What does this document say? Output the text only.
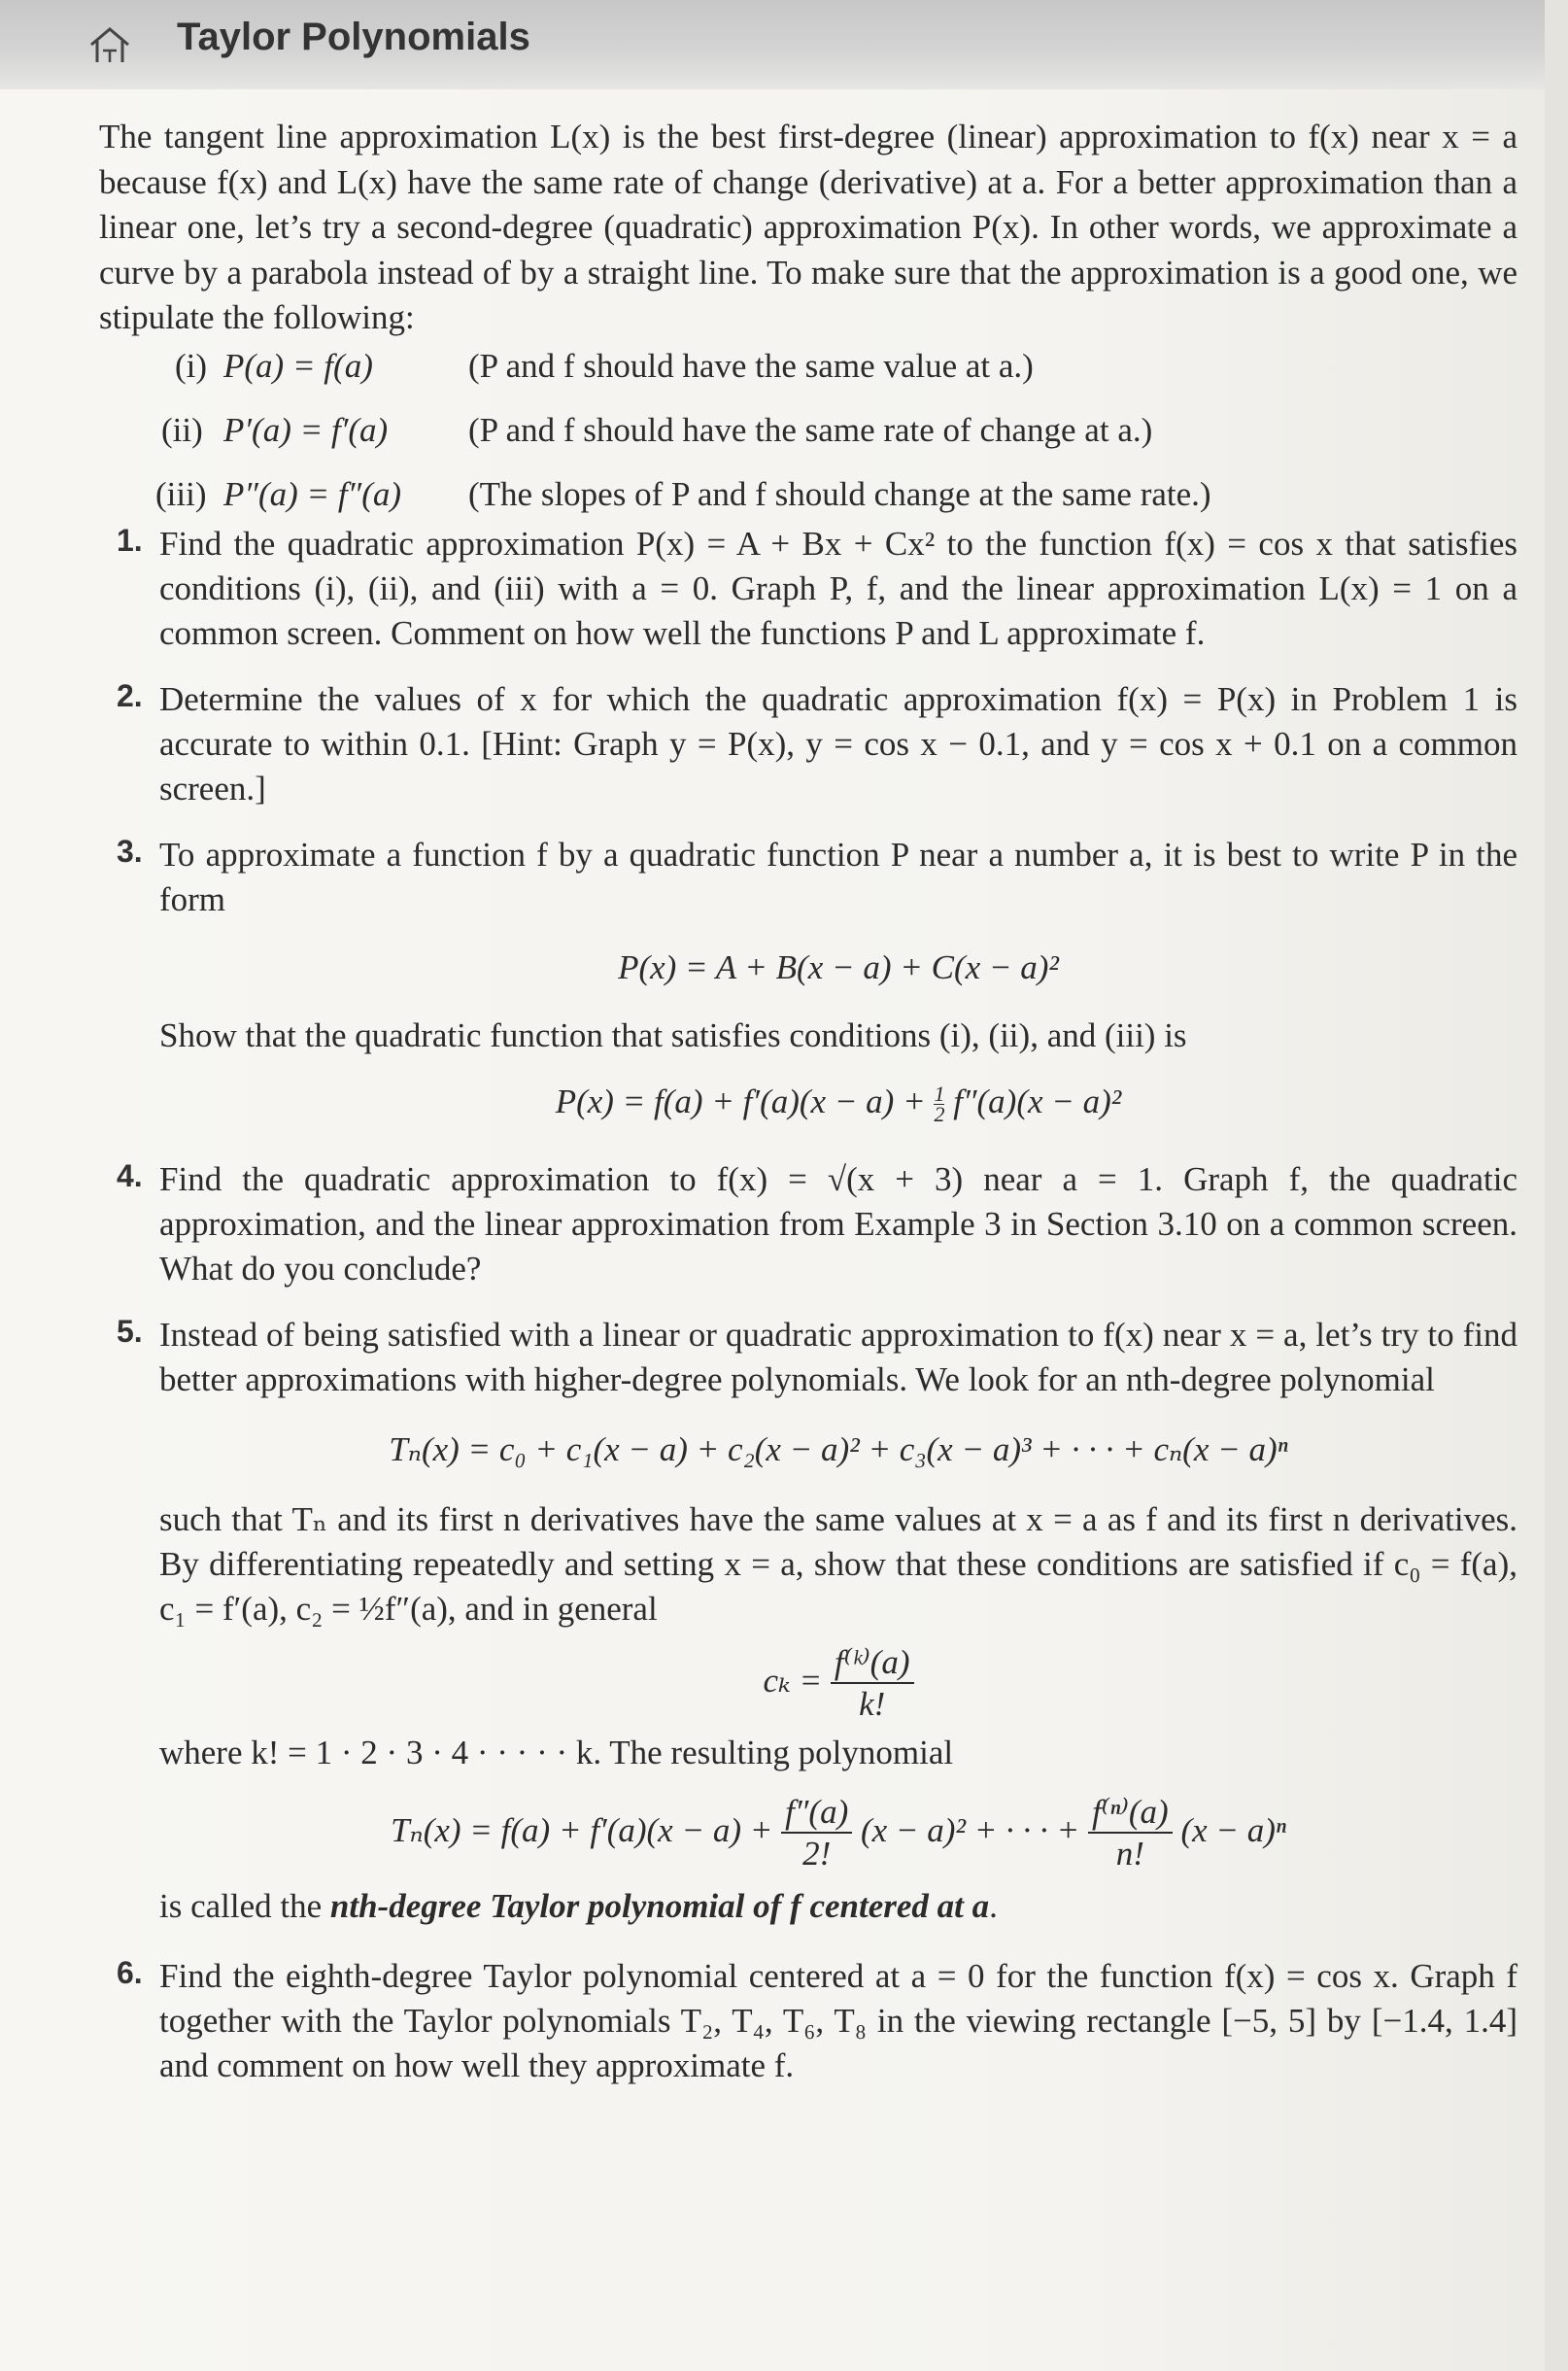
Taylor Polynomials

The tangent line approximation L(x) is the best first-degree (linear) approximation to f(x) near x = a because f(x) and L(x) have the same rate of change (derivative) at a. For a better approximation than a linear one, let’s try a second-degree (quadratic) approximation P(x). In other words, we approximate a curve by a parabola instead of by a straight line. To make sure that the approximation is a good one, we stipulate the following:

(i) P(a) = f(a)	(P and f should have the same value at a.)
(ii) P′(a) = f′(a) (P and f should have the same rate of change at a.)
(iii) P″(a) = f″(a) (The slopes of P and f should change at the same rate.)
1. Find the quadratic approximation P(x) = A + Bx + Cx² to the function f(x) = cos x that satisfies conditions (i), (ii), and (iii) with a = 0. Graph P, f, and the linear approximation L(x) = 1 on a common screen. Comment on how well the functions P and L approximate f.

2. Determine the values of x for which the quadratic approximation f(x) = P(x) in Problem 1 is accurate to within 0.1. [Hint: Graph y = P(x), y = cos x − 0.1, and y = cos x + 0.1 on a common screen.]

3. To approximate a function f by a quadratic function P near a number a, it is best to write P in the form

P(x) = A + B(x − a) + C(x − a)²

Show that the quadratic function that satisfies conditions (i), (ii), and (iii) is

$P(x) = f(a) + f'(a)(x - a) + \frac{1}{2} f''(a)(x - a)^2$
4. Find the quadratic approximation to f(x) = √(x + 3) near a = 1. Graph f, the quadratic approximation, and the linear approximation from Example 3 in Section 3.10 on a common screen. What do you conclude?

5. Instead of being satisfied with a linear or quadratic approximation to f(x) near x = a, let’s try to find better approximations with higher-degree polynomials. We look for an nth-degree polynomial

Tₙ(x) = c₀ + c₁(x − a) + c₂(x − a)² + c₃(x − a)³ + · · · + cₙ(x − a)ⁿ

such that Tₙ and its first n derivatives have the same values at x = a as f and its first n derivatives. By differentiating repeatedly and setting x = a, show that these conditions are satisfied if c₀ = f(a), c₁ = f′(a), c₂ = ½f″(a), and in general

$c_k = \frac{\text{f⁽ᵏ⁾(a)}}{k!}$

where k! = 1 · 2 · 3 · 4 · · · · · k. The resulting polynomial

$T_n(x) = f(a) + f'(a)(x - a) + \frac{f''(a)}{2!} (x - a)^2$ + · · · + $\frac{\text{f⁽ⁿ⁾(a)}}{n!} (x - a)^n$

is called the nth-degree Taylor polynomial of f centered at a.

6. Find the eighth-degree Taylor polynomial centered at a = 0 for the function f(x) = cos x. Graph f together with the Taylor polynomials T₂, T₄, T₆, T₈ in the viewing rectangle [−5, 5] by [−1.4, 1.4] and comment on how well they approximate f.
